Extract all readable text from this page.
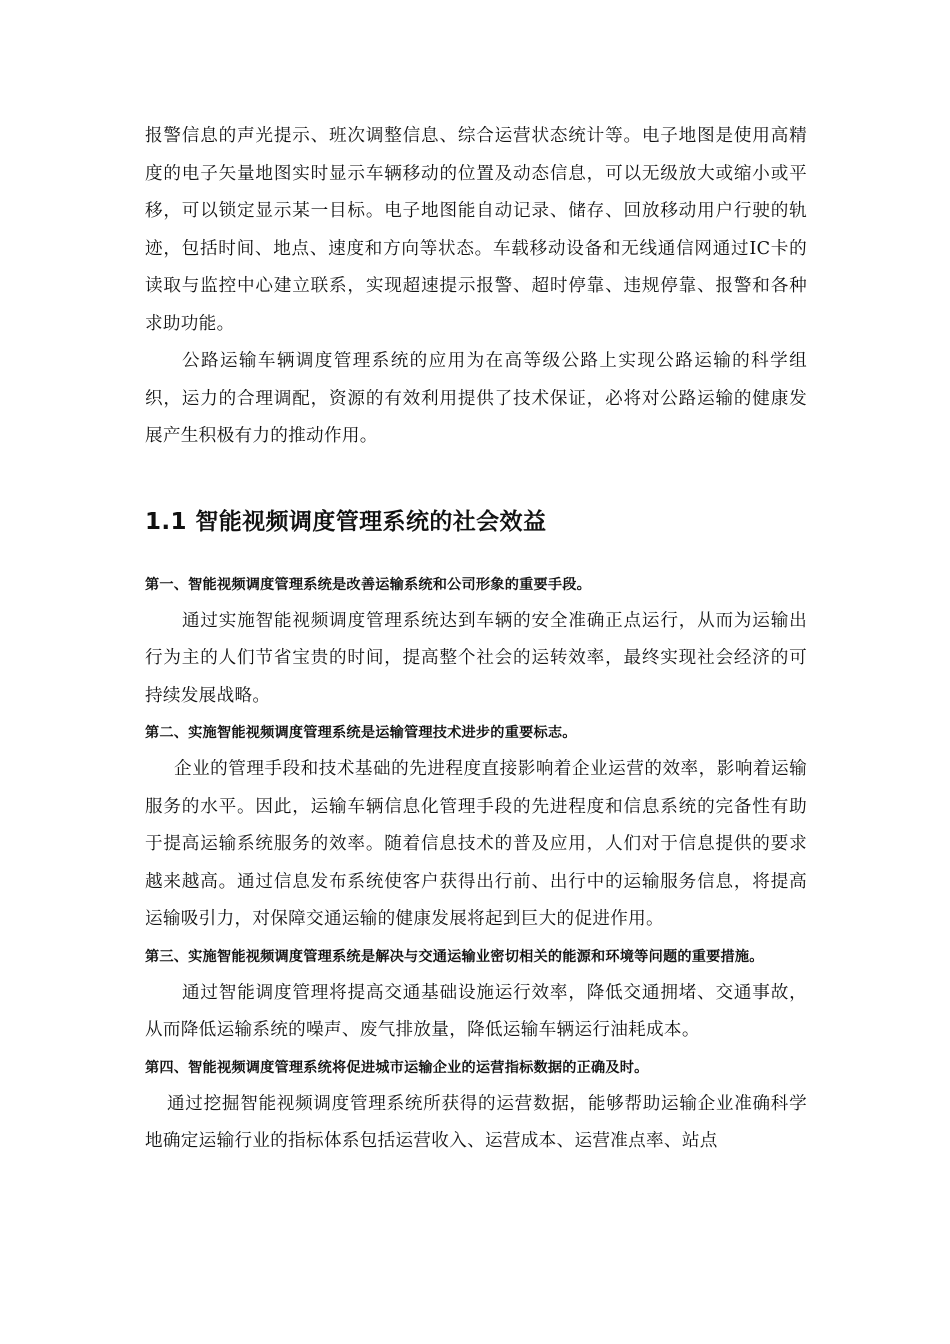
报警信息的声光提示、班次调整信息、综合运营状态统计等。电子地图是使用高精度的电子矢量地图实时显示车辆移动的位置及动态信息，可以无级放大或缩小或平移，可以锁定显示某一目标。电子地图能自动记录、储存、回放移动用户行驶的轨迹，包括时间、地点、速度和方向等状态。车载移动设备和无线通信网通过IC卡的读取与监控中心建立联系，实现超速提示报警、超时停靠、违规停靠、报警和各种求助功能。

公路运输车辆调度管理系统的应用为在高等级公路上实现公路运输的科学组织，运力的合理调配，资源的有效利用提供了技术保证，必将对公路运输的健康发展产生积极有力的推动作用。

1.1 智能视频调度管理系统的社会效益

第一、智能视频调度管理系统是改善运输系统和公司形象的重要手段。

通过实施智能视频调度管理系统达到车辆的安全准确正点运行，从而为运输出行为主的人们节省宝贵的时间，提高整个社会的运转效率，最终实现社会经济的可持续发展战略。

第二、实施智能视频调度管理系统是运输管理技术进步的重要标志。

企业的管理手段和技术基础的先进程度直接影响着企业运营的效率，影响着运输服务的水平。因此，运输车辆信息化管理手段的先进程度和信息系统的完备性有助于提高运输系统服务的效率。随着信息技术的普及应用，人们对于信息提供的要求越来越高。通过信息发布系统使客户获得出行前、出行中的运输服务信息，将提高运输吸引力，对保障交通运输的健康发展将起到巨大的促进作用。

第三、实施智能视频调度管理系统是解决与交通运输业密切相关的能源和环境等问题的重要措施。

通过智能调度管理将提高交通基础设施运行效率，降低交通拥堵、交通事故，从而降低运输系统的噪声、废气排放量，降低运输车辆运行油耗成本。

第四、智能视频调度管理系统将促进城市运输企业的运营指标数据的正确及时。

通过挖掘智能视频调度管理系统所获得的运营数据，能够帮助运输企业准确科学地确定运输行业的指标体系包括运营收入、运营成本、运营准点率、站点
